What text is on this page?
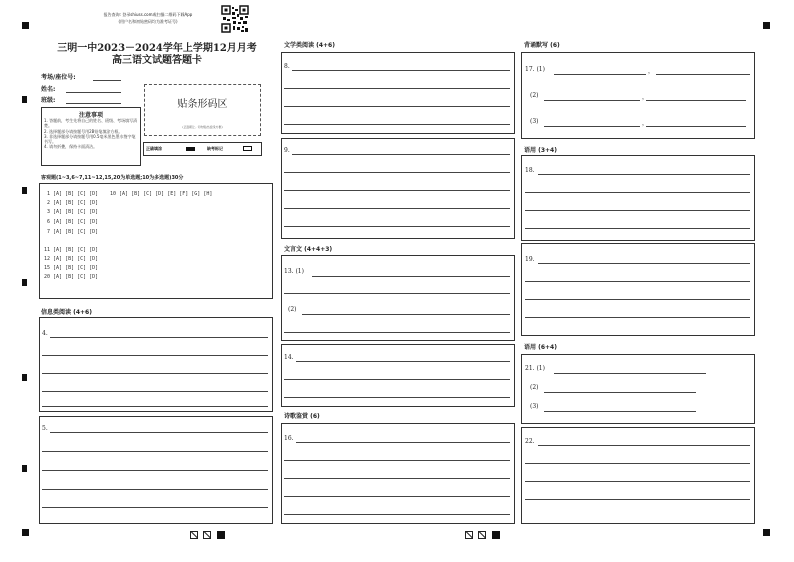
报告查询: 登录shiuss.com或扫描二维码下载App
(用户名和初始密码均为准考证号)
三明一中2023－2024学年上学期12月月考
高三语文试题答题卡
考场/座位号:
姓名:
班级:	贴条形码区
(正面朝上, 切勿贴出虚线方框)
注意事项
1. 答题前，考生先将自己的姓名、班级、考场填写清楚。
2. 选择题部分请按题号用2B铅笔填涂方框。
3. 非选择题部分请按题号用0.5毫米黑色墨水签字笔书写。
4. 请勿折叠，保持卡面清洁。	正确填涂	缺考标记
客观题(1~3,6~7,11~12,15,20为单选题;10为多选题)30分
1 [A] [B] [C] [D] 10 [A] [B] [C] [D] [E] [F] [G] [H]
2 [A] [B] [C] [D]
3 [A] [B] [C] [D]
6 [A] [B] [C] [D]
7 [A] [B] [C] [D]
11 [A] [B] [C] [D]
12 [A] [B] [C] [D]
15 [A] [B] [C] [D]
20 [A] [B] [C] [D]
信息类阅读 (4+6)
4.
5.
文学类阅读 (4+6)
8.
9.
文言文 (4+4+3)
13. (1)
(2)
14.
诗歌鉴赏 (6)
16.
背诵默写 (6)
17. (1)	，
(2)	，
(3)	，
语用 (3+4)
18.
19.
语用 (6+4)
21. (1)
(2)
(3)
22.
